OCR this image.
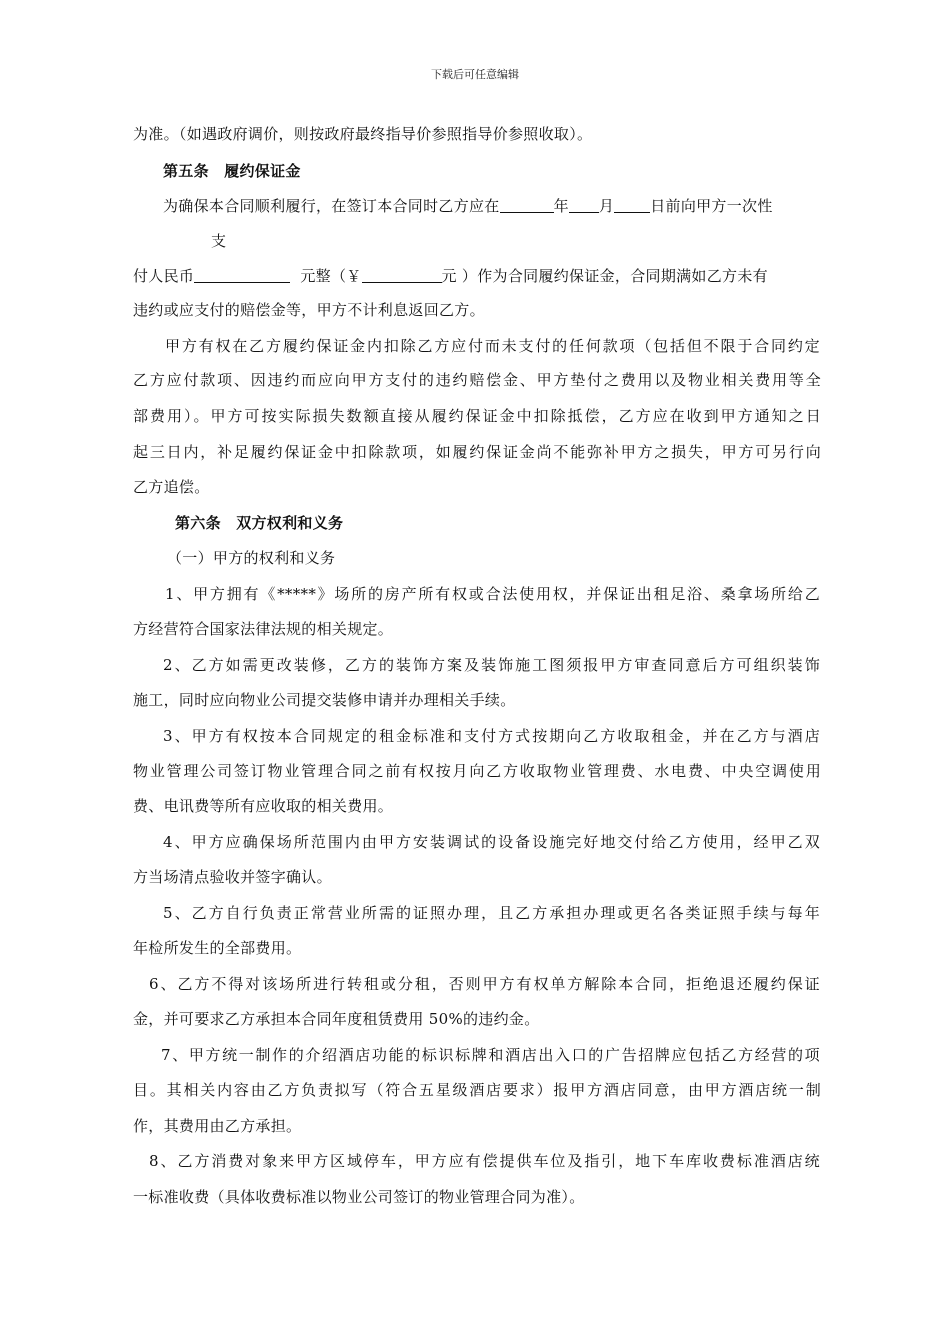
下载后可任意编辑
为准。（如遇政府调价，则按政府最终指导价参照指导价参照收取）。
第五条　履约保证金
为确保本合同顺利履行，在签订本合同时乙方应在	年 月 日前向甲方一次性
支
付人民币	元整（￥	元 ）作为合同履约保证金，合同期满如乙方未有
违约或应支付的赔偿金等，甲方不计利息返回乙方。
甲方有权在乙方履约保证金内扣除乙方应付而未支付的任何款项（包括但不限于合同约定
乙方应付款项、因违约而应向甲方支付的违约赔偿金、甲方垫付之费用以及物业相关费用等全
部费用）。甲方可按实际损失数额直接从履约保证金中扣除抵偿，乙方应在收到甲方通知之日
起三日内，补足履约保证金中扣除款项，如履约保证金尚不能弥补甲方之损失，甲方可另行向
乙方追偿。
第六条　双方权利和义务
（一）甲方的权利和义务
1、甲方拥有《*****》场所的房产所有权或合法使用权，并保证出租足浴、桑拿场所给乙
方经营符合国家法律法规的相关规定。
2、乙方如需更改装修，乙方的装饰方案及装饰施工图须报甲方审查同意后方可组织装饰
施工，同时应向物业公司提交装修申请并办理相关手续。
3、甲方有权按本合同规定的租金标准和支付方式按期向乙方收取租金，并在乙方与酒店
物业管理公司签订物业管理合同之前有权按月向乙方收取物业管理费、水电费、中央空调使用
费、电讯费等所有应收取的相关费用。
4、甲方应确保场所范围内由甲方安装调试的设备设施完好地交付给乙方使用，经甲乙双
方当场清点验收并签字确认。
5、乙方自行负责正常营业所需的证照办理，且乙方承担办理或更名各类证照手续与每年
年检所发生的全部费用。
6、乙方不得对该场所进行转租或分租，否则甲方有权单方解除本合同，拒绝退还履约保证
金，并可要求乙方承担本合同年度租赁费用 50%的违约金。
7、甲方统一制作的介绍酒店功能的标识标牌和酒店出入口的广告招牌应包括乙方经营的项
目。其相关内容由乙方负责拟写（符合五星级酒店要求）报甲方酒店同意，由甲方酒店统一制
作，其费用由乙方承担。
8、乙方消费对象来甲方区域停车，甲方应有偿提供车位及指引，地下车库收费标准酒店统
一标准收费（具体收费标准以物业公司签订的物业管理合同为准）。
